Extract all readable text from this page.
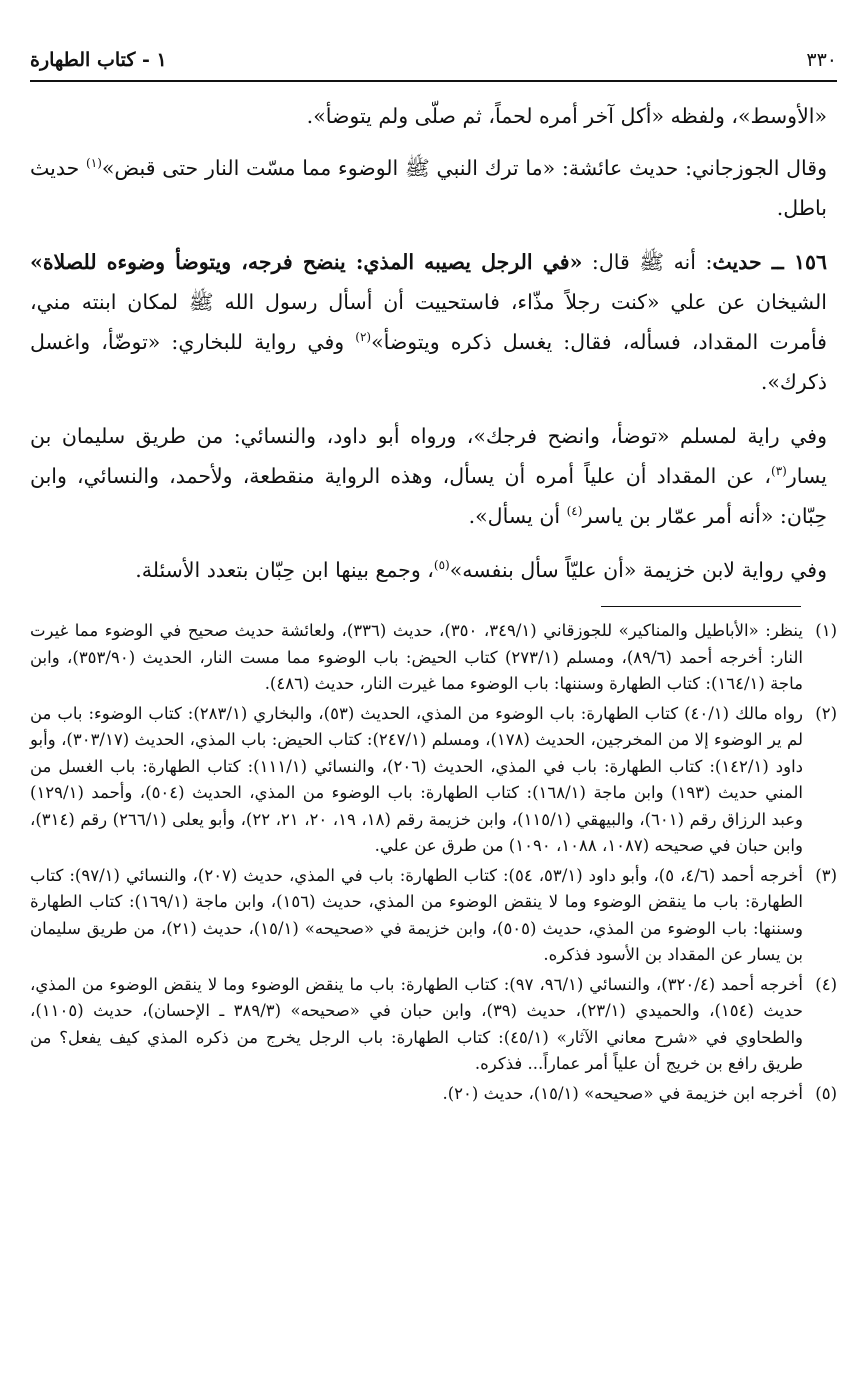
٣٣٠
١ - كتاب الطهارة

«الأوسط»، ولفظه «أكل آخر أمره لحماً، ثم صلّى ولم يتوضأ».

وقال الجوزجاني: حديث عائشة: «ما ترك النبي ﷺ الوضوء مما مسّت النار حتى قبض»$^{(١)}$ حديث باطل.

١٥٦ ــ حديث: أنه ﷺ قال: «في الرجل يصيبه المذي: ينضح فرجه، ويتوضأ وضوءه للصلاة» الشيخان عن علي «كنت رجلاً مذّاء، فاستحييت أن أسأل رسول الله ﷺ لمكان ابنته مني، فأمرت المقداد، فسأله، فقال: يغسل ذكره ويتوضأ»$^{(٢)}$ وفي رواية للبخاري: «توضّأ، واغسل ذكرك».

وفي راية لمسلم «توضأ، وانضح فرجك»، ورواه أبو داود، والنسائي: من طريق سليمان بن يسار$^{(٣)}$، عن المقداد أن علياً أمره أن يسأل، وهذه الرواية منقطعة، ولأحمد، والنسائي، وابن حِبّان: «أنه أمر عمّار بن ياسر$^{(٤)}$ أن يسأل».

وفي رواية لابن خزيمة «أن عليّاً سأل بنفسه»$^{(٥)}$، وجمع بينها ابن حِبّان بتعدد الأسئلة.

(١)
ينظر: «الأباطيل والمناكير» للجوزقاني (٣٤٩/١، ٣٥٠)، حديث (٣٣٦)، ولعائشة حديث صحيح في الوضوء مما غيرت النار: أخرجه أحمد (٨٩/٦)، ومسلم (٢٧٣/١) كتاب الحيض: باب الوضوء مما مست النار، الحديث (٣٥٣/٩٠)، وابن ماجة (١٦٤/١): كتاب الطهارة وسننها: باب الوضوء مما غيرت النار، حديث (٤٨٦).
(٢)
رواه مالك (٤٠/١) كتاب الطهارة: باب الوضوء من المذي، الحديث (٥٣)، والبخاري (٢٨٣/١): كتاب الوضوء: باب من لم ير الوضوء إلا من المخرجين، الحديث (١٧٨)، ومسلم (٢٤٧/١): كتاب الحيض: باب المذي، الحديث (٣٠٣/١٧)، وأبو داود (١٤٢/١): كتاب الطهارة: باب في المذي، الحديث (٢٠٦)، والنسائي (١١١/١): كتاب الطهارة: باب الغسل من المني حديث (١٩٣) وابن ماجة (١٦٨/١): كتاب الطهارة: باب الوضوء من المذي، الحديث (٥٠٤)، وأحمد (١٢٩/١) وعبد الرزاق رقم (٦٠١)، والبيهقي (١١٥/١)، وابن خزيمة رقم (١٨، ١٩، ٢٠، ٢١، ٢٢)، وأبو يعلى (٢٦٦/١) رقم (٣١٤)، وابن حبان في صحيحه (١٠٨٧، ١٠٨٨، ١٠٩٠) من طرق عن علي.
(٣)
أخرجه أحمد (٤/٦، ٥)، وأبو داود (٥٣/١، ٥٤): كتاب الطهارة: باب في المذي، حديث (٢٠٧)، والنسائي (٩٧/١): كتاب الطهارة: باب ما ينقض الوضوء وما لا ينقض الوضوء من المذي، حديث (١٥٦)، وابن ماجة (١٦٩/١): كتاب الطهارة وسننها: باب الوضوء من المذي، حديث (٥٠٥)، وابن خزيمة في «صحيحه» (١٥/١)، حديث (٢١)، من طريق سليمان بن يسار عن المقداد بن الأسود فذكره.
(٤)
أخرجه أحمد (٣٢٠/٤)، والنسائي (٩٦/١، ٩٧): كتاب الطهارة: باب ما ينقض الوضوء وما لا ينقض الوضوء من المذي، حديث (١٥٤)، والحميدي (٢٣/١)، حديث (٣٩)، وابن حبان في «صحيحه» (٣٨٩/٣ ـ الإحسان)، حديث (١١٠٥)، والطحاوي في «شرح معاني الآثار» (٤٥/١): كتاب الطهارة: باب الرجل يخرج من ذكره المذي كيف يفعل؟ من طريق رافع بن خريج أن علياً أمر عماراً... فذكره.
(٥)
أخرجه ابن خزيمة في «صحيحه» (١٥/١)، حديث (٢٠).
